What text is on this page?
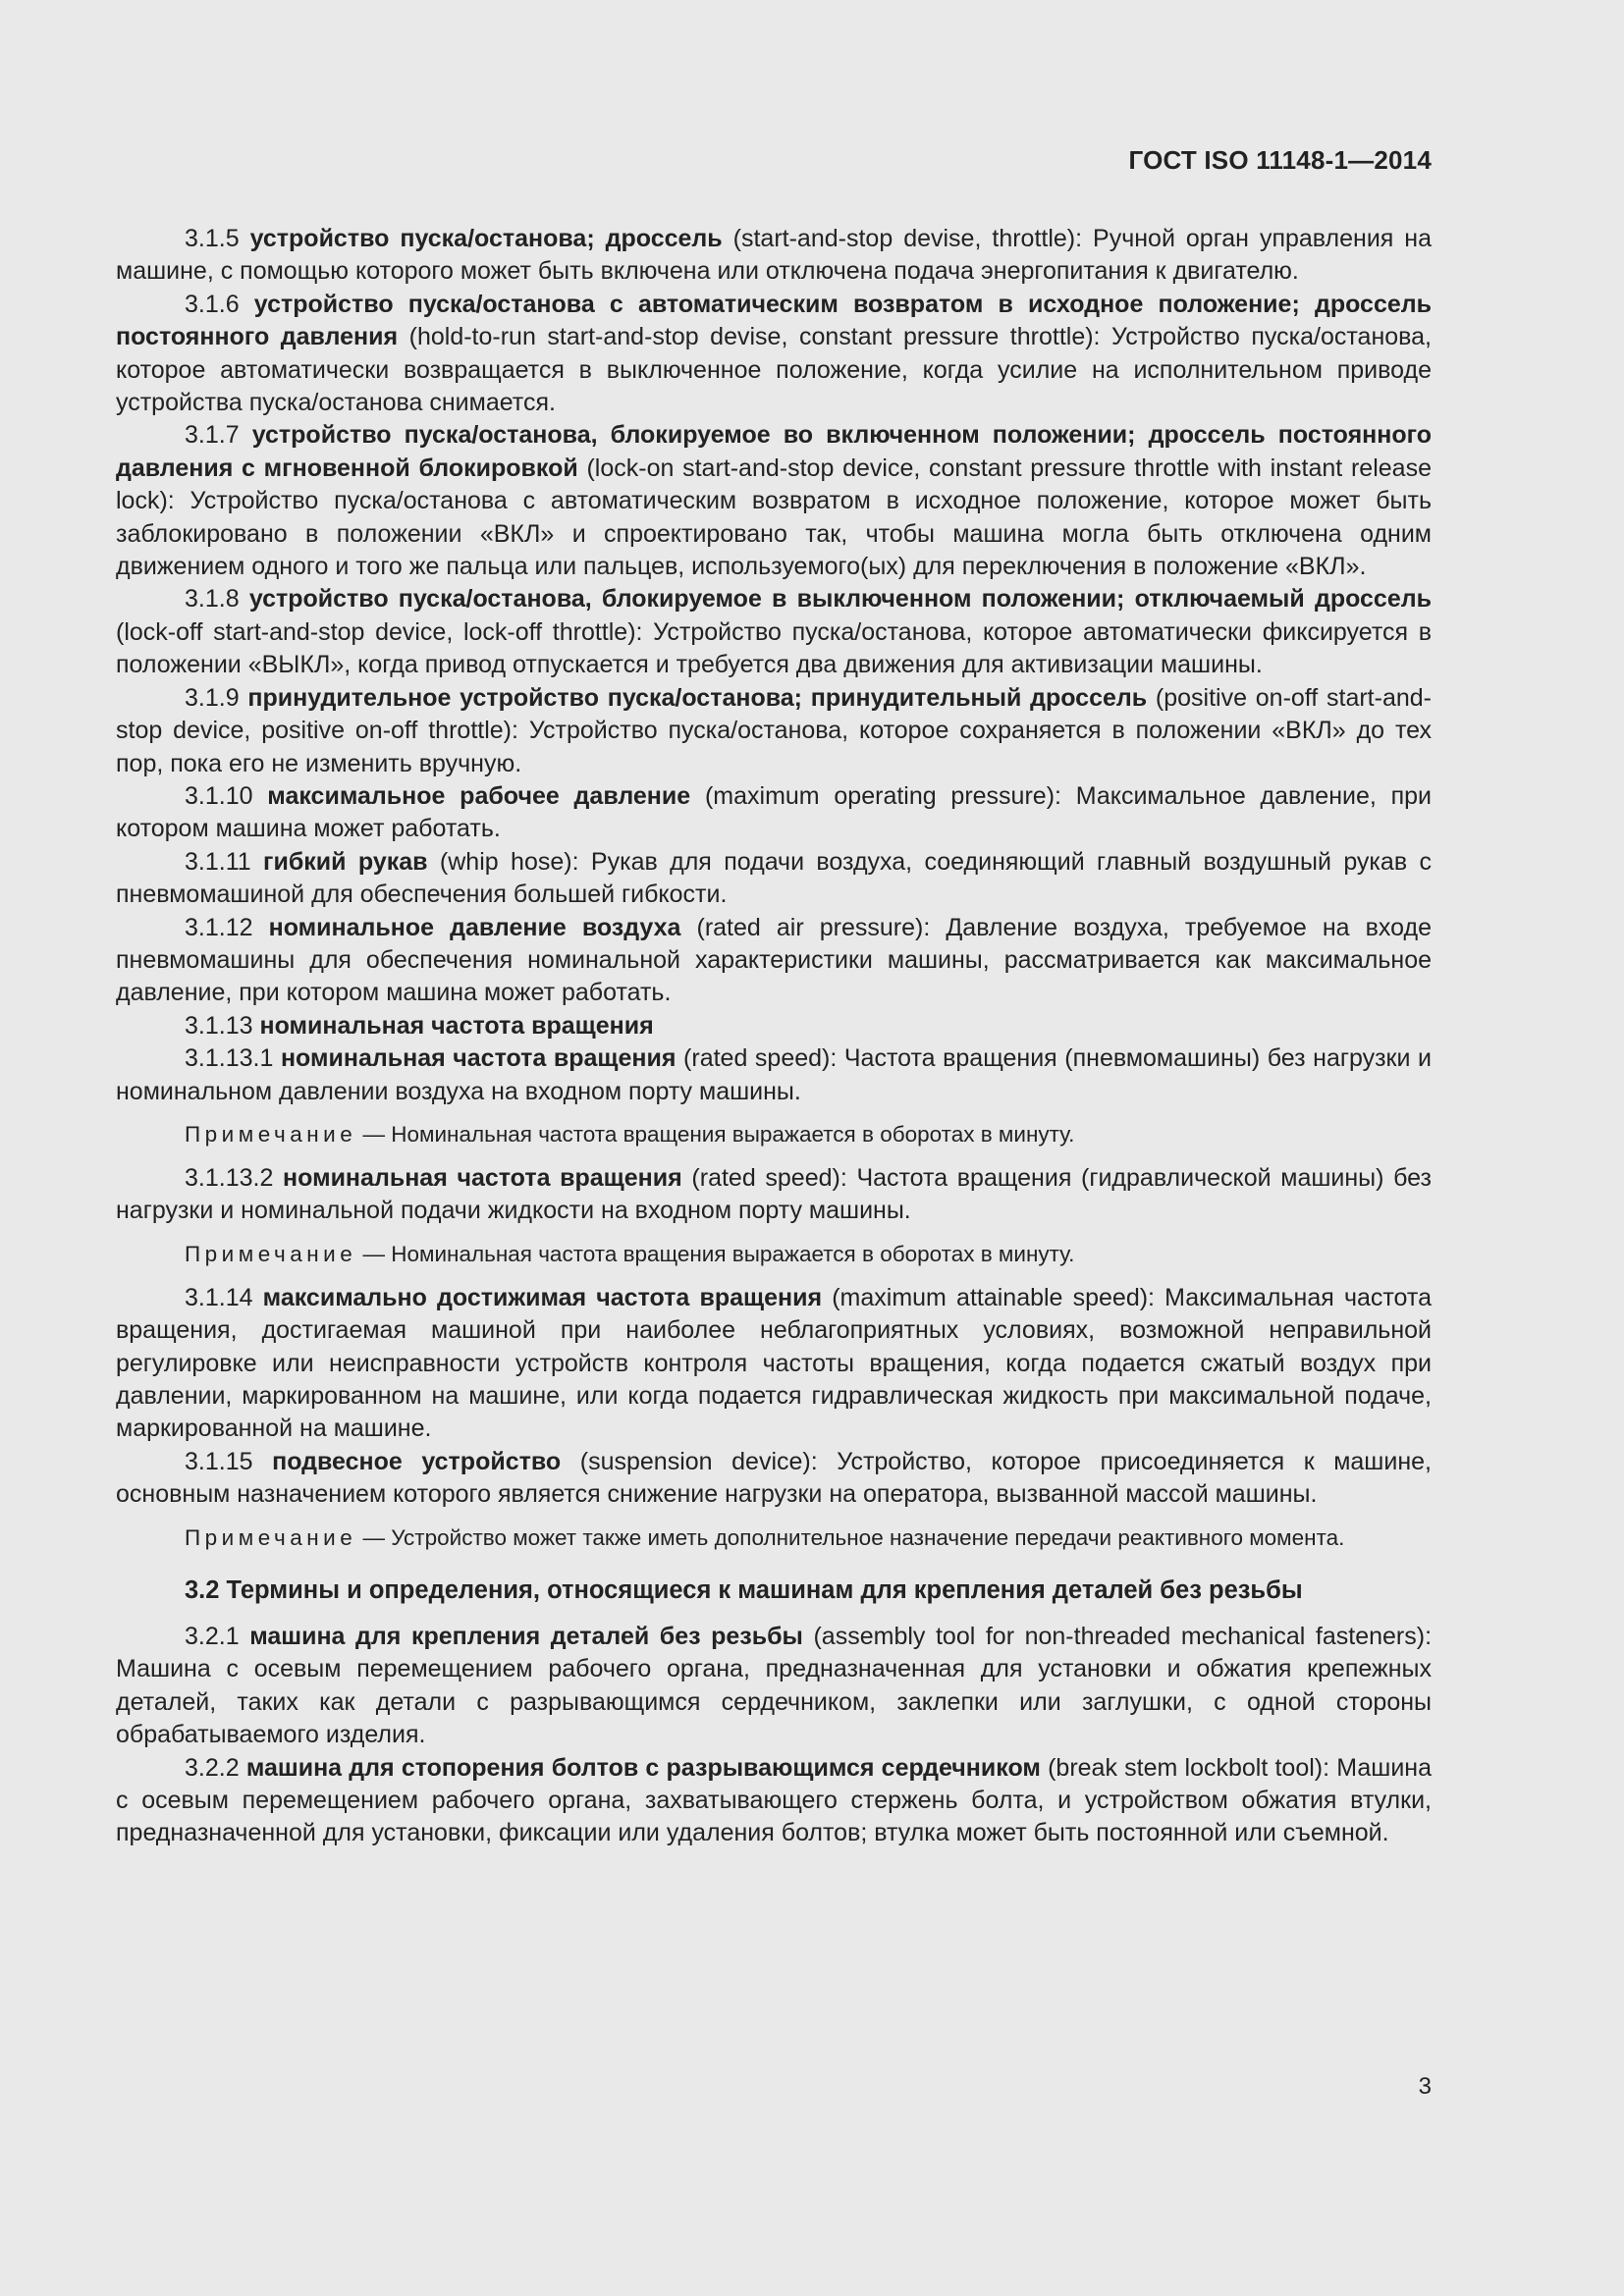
ГОСТ ISO 11148-1—2014

3.1.5 устройство пуска/останова; дроссель (start-and-stop devise, throttle): Ручной орган управления на машине, с помощью которого может быть включена или отключена подача энергопитания к двигателю.

3.1.6 устройство пуска/останова с автоматическим возвратом в исходное положение; дроссель постоянного давления (hold-to-run start-and-stop devise, constant pressure throttle): Устройство пуска/останова, которое автоматически возвращается в выключенное положение, когда усилие на исполнительном приводе устройства пуска/останова снимается.

3.1.7 устройство пуска/останова, блокируемое во включенном положении; дроссель постоянного давления с мгновенной блокировкой (lock-on start-and-stop device, constant pressure throttle with instant release lock): Устройство пуска/останова с автоматическим возвратом в исходное положение, которое может быть заблокировано в положении «ВКЛ» и спроектировано так, чтобы машина могла быть отключена одним движением одного и того же пальца или пальцев, используемого(ых) для переключения в положение «ВКЛ».

3.1.8 устройство пуска/останова, блокируемое в выключенном положении; отключаемый дроссель (lock-off start-and-stop device, lock-off throttle): Устройство пуска/останова, которое автоматически фиксируется в положении «ВЫКЛ», когда привод отпускается и требуется два движения для активизации машины.

3.1.9 принудительное устройство пуска/останова; принудительный дроссель (positive on-off start-and-stop device, positive on-off throttle): Устройство пуска/останова, которое сохраняется в положении «ВКЛ» до тех пор, пока его не изменить вручную.

3.1.10 максимальное рабочее давление (maximum operating pressure): Максимальное давление, при котором машина может работать.

3.1.11 гибкий рукав (whip hose): Рукав для подачи воздуха, соединяющий главный воздушный рукав с пневмомашиной для обеспечения большей гибкости.

3.1.12 номинальное давление воздуха (rated air pressure): Давление воздуха, требуемое на входе пневмомашины для обеспечения номинальной характеристики машины, рассматривается как максимальное давление, при котором машина может работать.

3.1.13 номинальная частота вращения

3.1.13.1 номинальная частота вращения (rated speed): Частота вращения (пневмомашины) без нагрузки и номинальном давлении воздуха на входном порту машины.

Примечание — Номинальная частота вращения выражается в оборотах в минуту.

3.1.13.2 номинальная частота вращения (rated speed): Частота вращения (гидравлической машины) без нагрузки и номинальной подачи жидкости на входном порту машины.

Примечание — Номинальная частота вращения выражается в оборотах в минуту.

3.1.14 максимально достижимая частота вращения (maximum attainable speed): Максимальная частота вращения, достигаемая машиной при наиболее неблагоприятных условиях, возможной неправильной регулировке или неисправности устройств контроля частоты вращения, когда подается сжатый воздух при давлении, маркированном на машине, или когда подается гидравлическая жидкость при максимальной подаче, маркированной на машине.

3.1.15 подвесное устройство (suspension device): Устройство, которое присоединяется к машине, основным назначением которого является снижение нагрузки на оператора, вызванной массой машины.

Примечание — Устройство может также иметь дополнительное назначение передачи реактивного момента.

3.2 Термины и определения, относящиеся к машинам для крепления деталей без резьбы

3.2.1 машина для крепления деталей без резьбы (assembly tool for non-threaded mechanical fasteners): Машина с осевым перемещением рабочего органа, предназначенная для установки и обжатия крепежных деталей, таких как детали с разрывающимся сердечником, заклепки или заглушки, с одной стороны обрабатываемого изделия.

3.2.2 машина для стопорения болтов с разрывающимся сердечником (break stem lockbolt tool): Машина с осевым перемещением рабочего органа, захватывающего стержень болта, и устройством обжатия втулки, предназначенной для установки, фиксации или удаления болтов; втулка может быть постоянной или съемной.

3
